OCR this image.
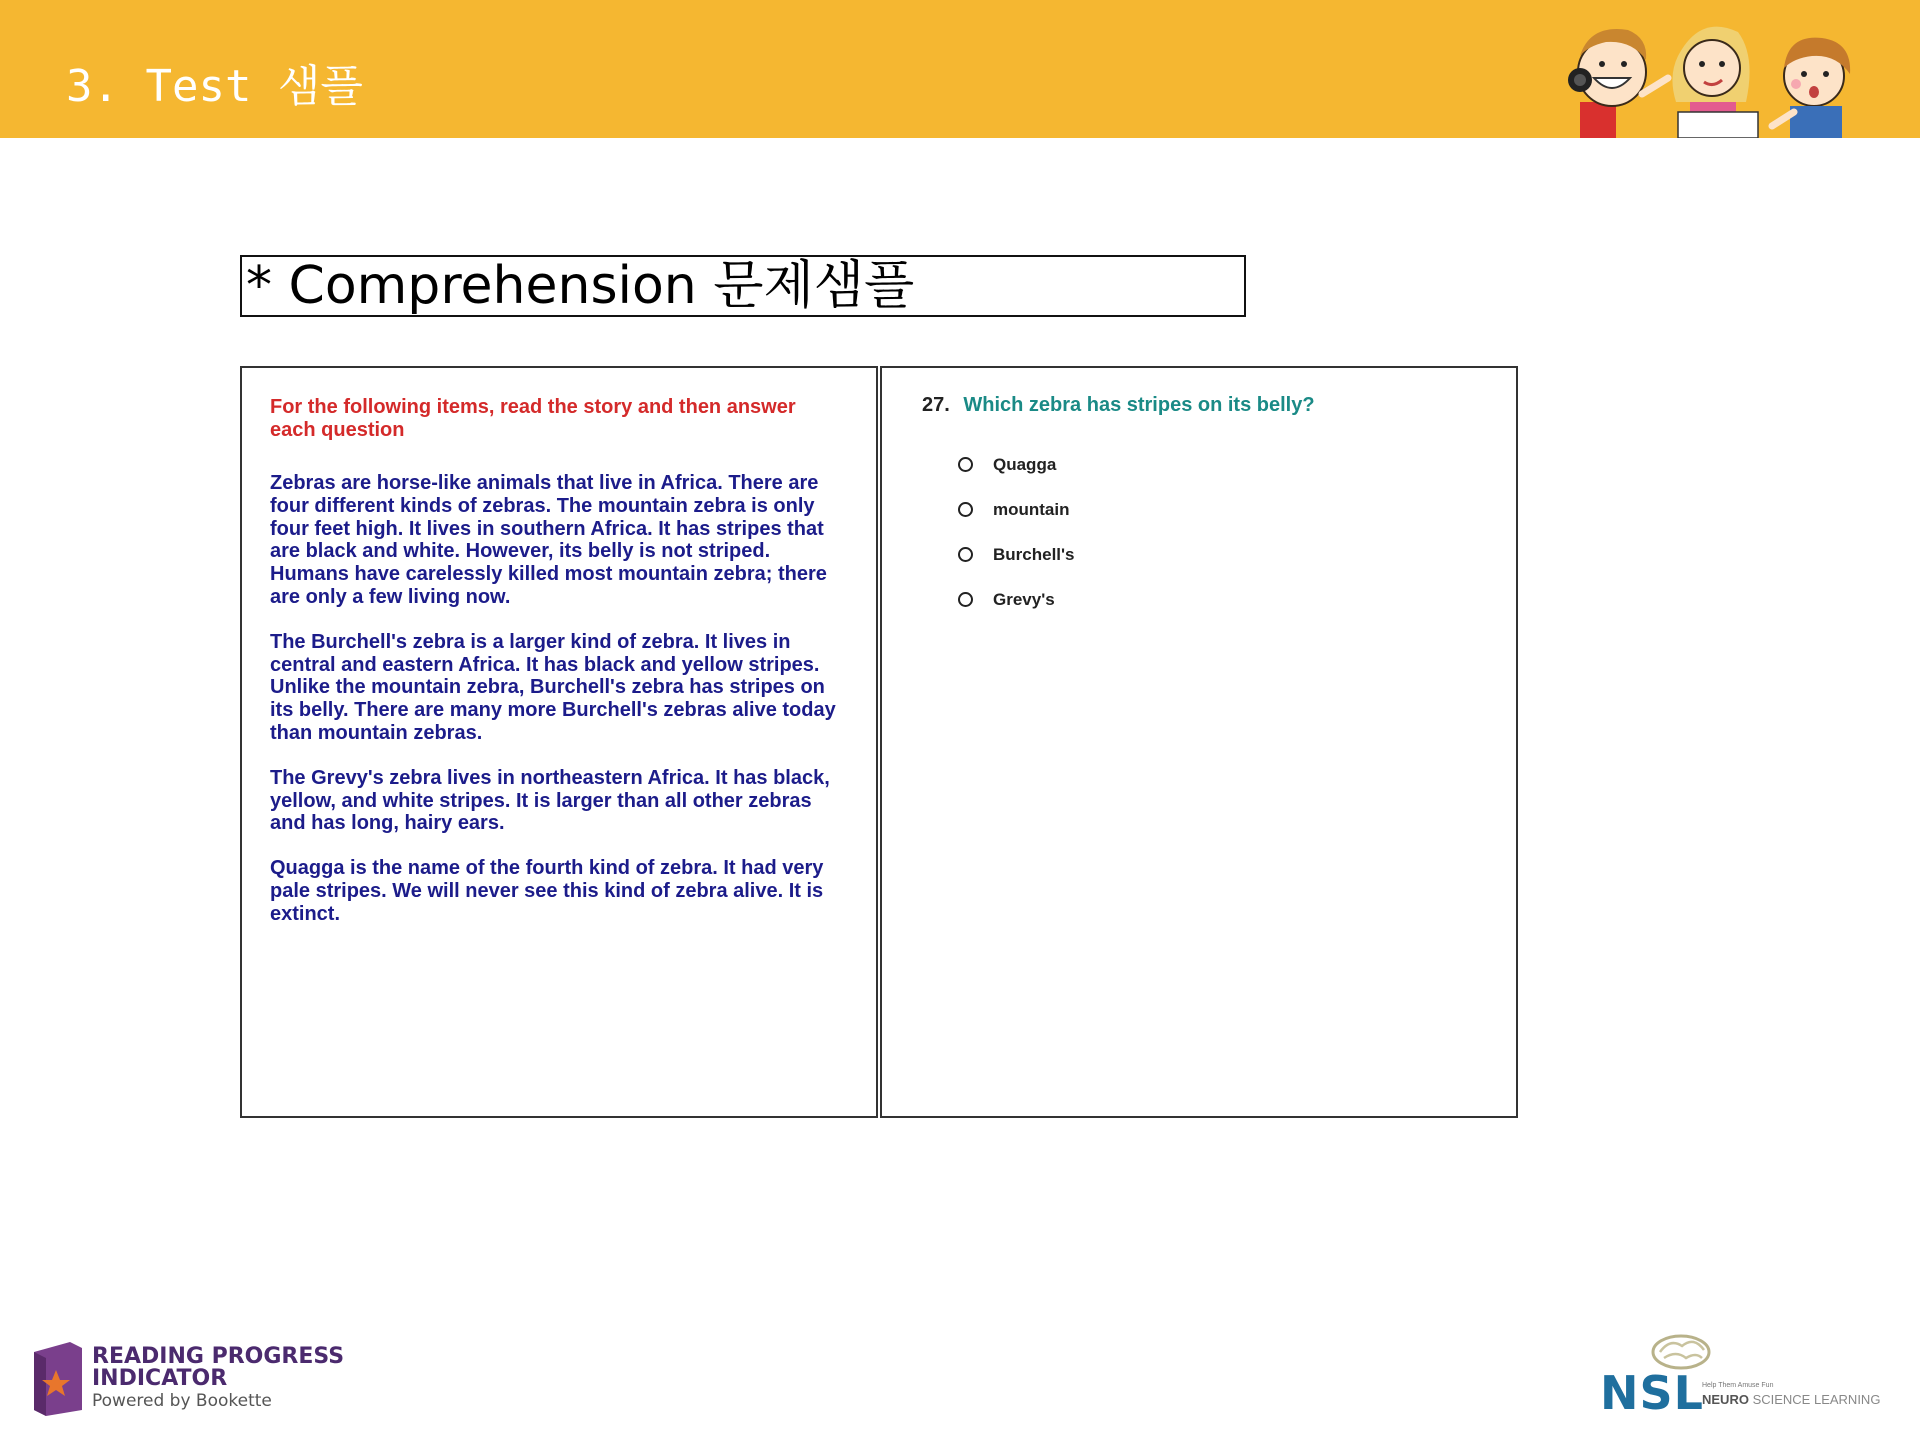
3. Test 샘플
* Comprehension 문제샘플

For the following items, read the story and then answer each question

Zebras are horse-like animals that live in Africa. There are four different kinds of zebras. The mountain zebra is only four feet high. It lives in southern Africa. It has stripes that are black and white. However, its belly is not striped. Humans have carelessly killed most mountain zebra; there are only a few living now.

The Burchell's zebra is a larger kind of zebra. It lives in central and eastern Africa. It has black and yellow stripes. Unlike the mountain zebra, Burchell's zebra has stripes on its belly. There are many more Burchell's zebras alive today than mountain zebras.

The Grevy's zebra lives in northeastern Africa. It has black, yellow, and white stripes. It is larger than all other zebras and has long, hairy ears.

Quagga is the name of the fourth kind of zebra. It had very pale stripes. We will never see this kind of zebra alive. It is extinct.

27. Which zebra has stripes on its belly?
Quagga
mountain
Burchell's
Grevy's
READING PROGRESS
INDICATOR
Powered by Bookette	NSL
Help Them Amuse Fun
NEURO SCIENCE LEARNING
